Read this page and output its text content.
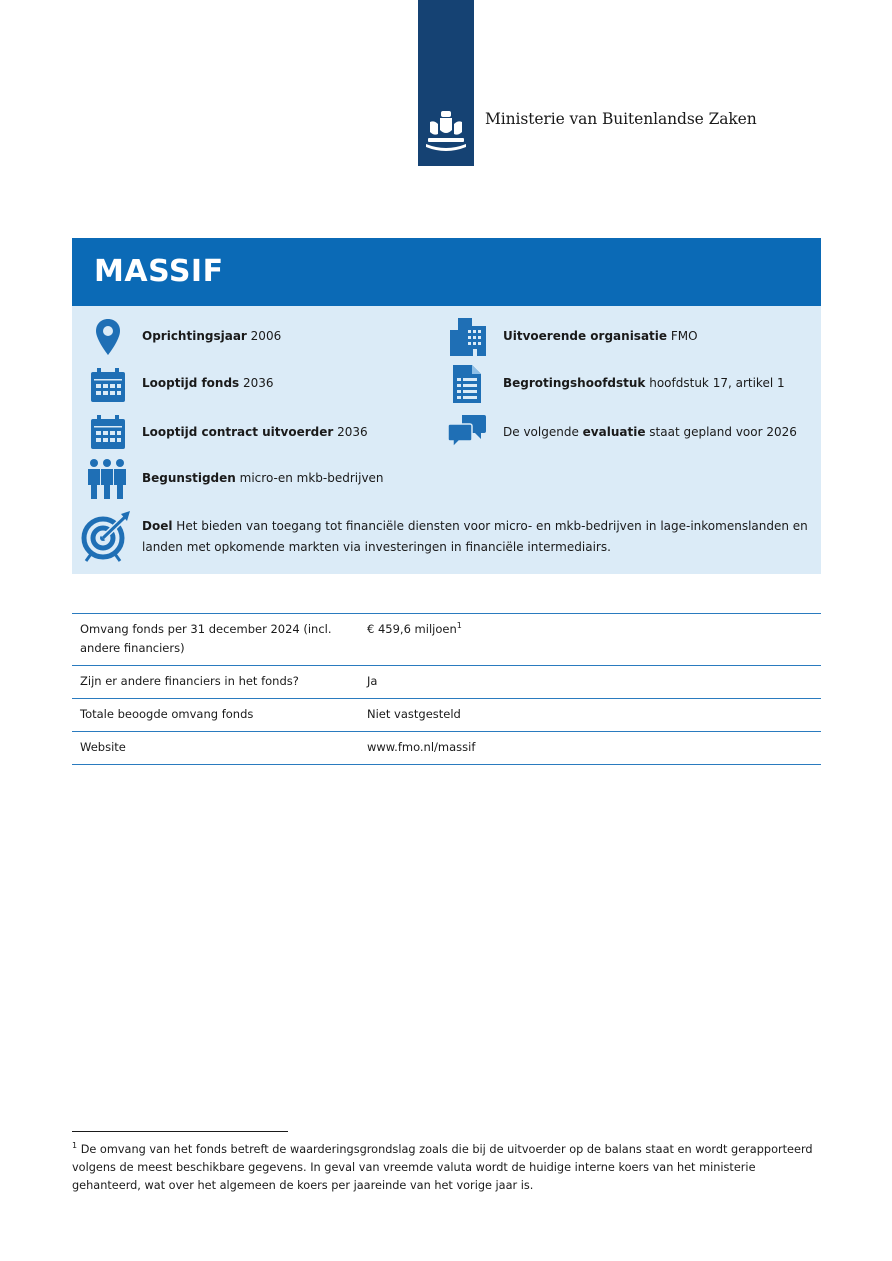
Ministerie van Buitenlandse Zaken
MASSIF
Oprichtingsjaar 2006	Uitvoerende organisatie FMO
Looptijd fonds 2036	Begrotingshoofdstuk hoofdstuk 17, artikel 1
Looptijd contract uitvoerder 2036	De volgende evaluatie staat gepland voor 2026
Begunstigden micro-en mkb-bedrijven
Doel Het bieden van toegang tot financiële diensten voor micro- en mkb-bedrijven in lage-inkomenslanden en landen met opkomende markten via investeringen in financiële intermediairs.
Omvang fonds per 31 december 2024 (incl. andere financiers)	€ 459,6 miljoen$^1$
Zijn er andere financiers in het fonds?	Ja
Totale beoogde omvang fonds	Niet vastgesteld
Website	www.fmo.nl/massif
$^1$ De omvang van het fonds betreft de waarderingsgrondslag zoals die bij de uitvoerder op de balans staat en wordt gerapporteerd volgens de meest beschikbare gegevens. In geval van vreemde valuta wordt de huidige interne koers van het ministerie gehanteerd, wat over het algemeen de koers per jaareinde van het vorige jaar is.
